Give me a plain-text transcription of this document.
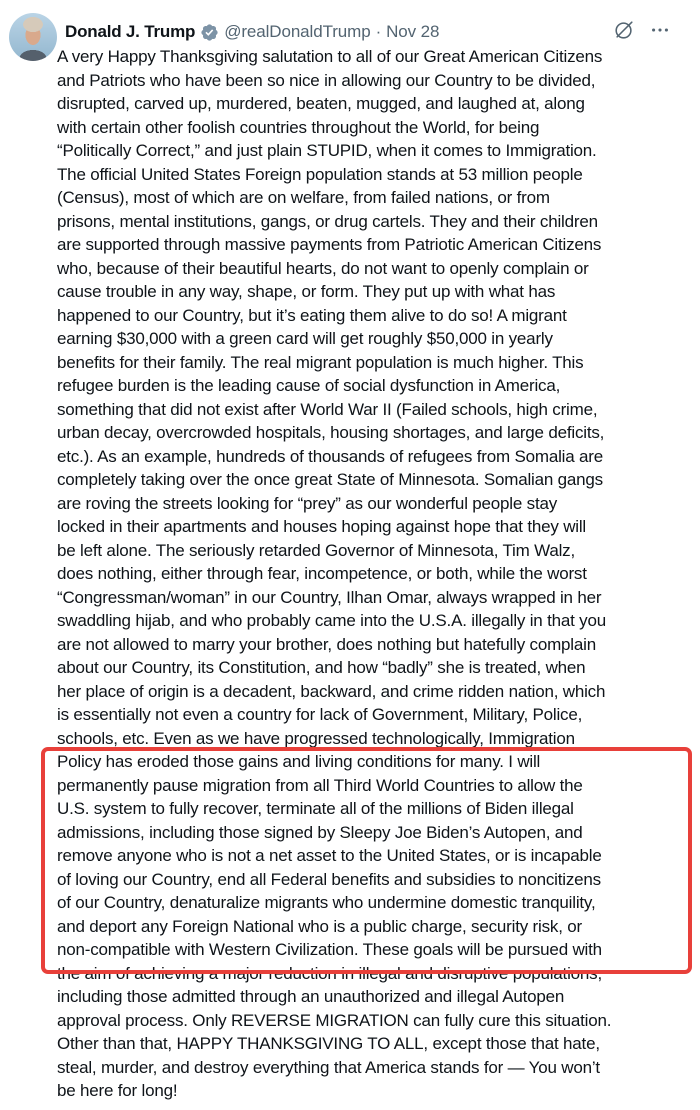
Donald J. Trump @realDonaldTrump · Nov 28
A very Happy Thanksgiving salutation to all of our Great American Citizens
and Patriots who have been so nice in allowing our Country to be divided,
disrupted, carved up, murdered, beaten, mugged, and laughed at, along
with certain other foolish countries throughout the World, for being
“Politically Correct,” and just plain STUPID, when it comes to Immigration.
The official United States Foreign population stands at 53 million people
(Census), most of which are on welfare, from failed nations, or from
prisons, mental institutions, gangs, or drug cartels. They and their children
are supported through massive payments from Patriotic American Citizens
who, because of their beautiful hearts, do not want to openly complain or
cause trouble in any way, shape, or form. They put up with what has
happened to our Country, but it’s eating them alive to do so! A migrant
earning $30,000 with a green card will get roughly $50,000 in yearly
benefits for their family. The real migrant population is much higher. This
refugee burden is the leading cause of social dysfunction in America,
something that did not exist after World War II (Failed schools, high crime,
urban decay, overcrowded hospitals, housing shortages, and large deficits,
etc.). As an example, hundreds of thousands of refugees from Somalia are
completely taking over the once great State of Minnesota. Somalian gangs
are roving the streets looking for “prey” as our wonderful people stay
locked in their apartments and houses hoping against hope that they will
be left alone. The seriously retarded Governor of Minnesota, Tim Walz,
does nothing, either through fear, incompetence, or both, while the worst
“Congressman/woman” in our Country, Ilhan Omar, always wrapped in her
swaddling hijab, and who probably came into the U.S.A. illegally in that you
are not allowed to marry your brother, does nothing but hatefully complain
about our Country, its Constitution, and how “badly” she is treated, when
her place of origin is a decadent, backward, and crime ridden nation, which
is essentially not even a country for lack of Government, Military, Police,
schools, etc. Even as we have progressed technologically, Immigration
Policy has eroded those gains and living conditions for many. I will
permanently pause migration from all Third World Countries to allow the
U.S. system to fully recover, terminate all of the millions of Biden illegal
admissions, including those signed by Sleepy Joe Biden’s Autopen, and
remove anyone who is not a net asset to the United States, or is incapable
of loving our Country, end all Federal benefits and subsidies to noncitizens
of our Country, denaturalize migrants who undermine domestic tranquility,
and deport any Foreign National who is a public charge, security risk, or
non-compatible with Western Civilization. These goals will be pursued with
the aim of achieving a major reduction in illegal and disruptive populations,
including those admitted through an unauthorized and illegal Autopen
approval process. Only REVERSE MIGRATION can fully cure this situation.
Other than that, HAPPY THANKSGIVING TO ALL, except those that hate,
steal, murder, and destroy everything that America stands for — You won’t
be here for long!
